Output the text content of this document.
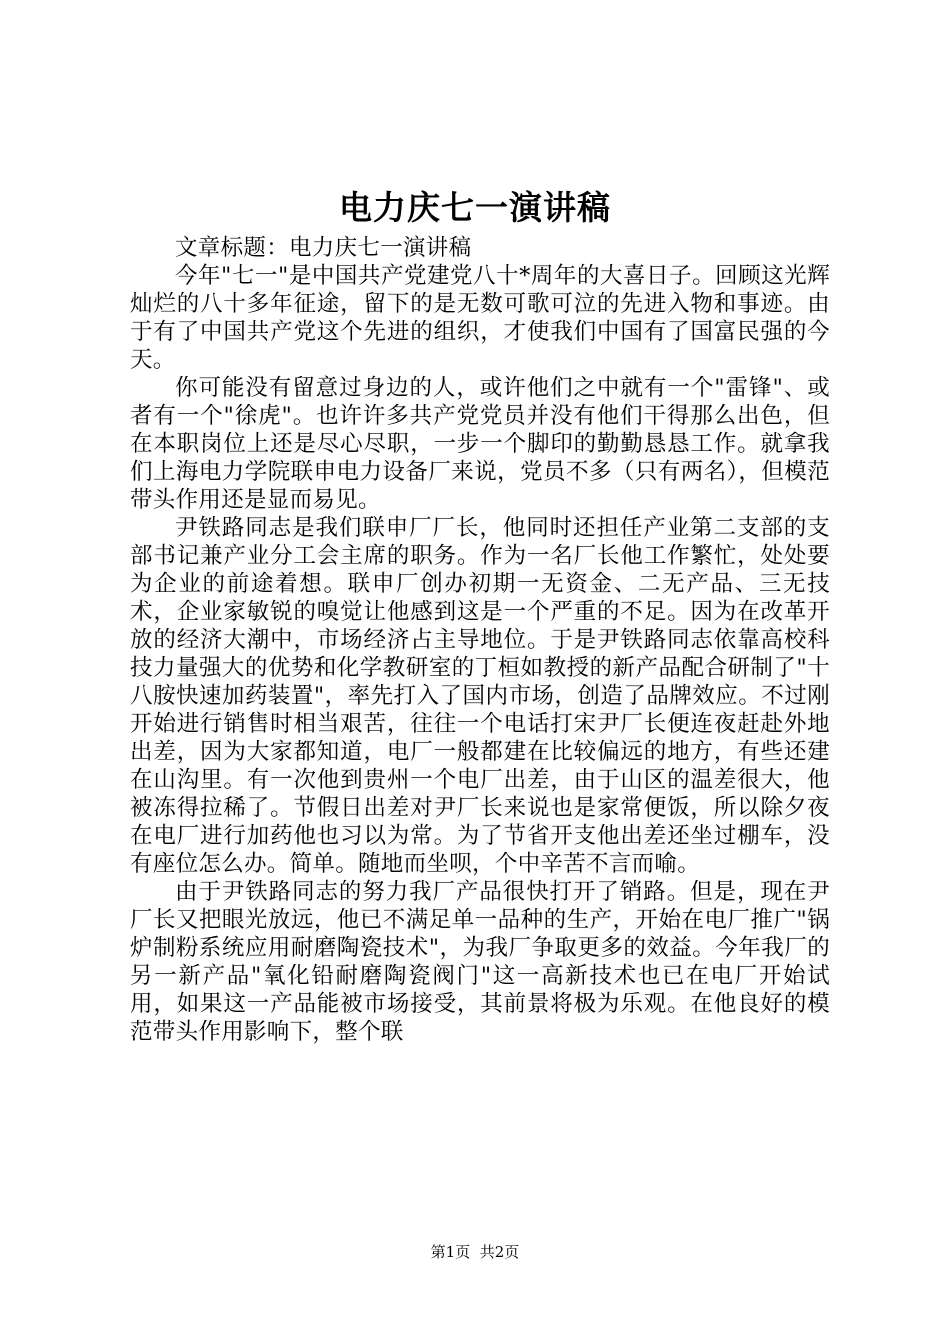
电力庆七一演讲稿

文章标题：电力庆七一演讲稿

今年"七一"是中国共产党建党八十*周年的大喜日子。回顾这光辉灿烂的八十多年征途，留下的是无数可歌可泣的先进入物和事迹。由于有了中国共产党这个先进的组织，才使我们中国有了国富民强的今天。

你可能没有留意过身边的人，或许他们之中就有一个"雷锋"、或者有一个"徐虎"。也许许多共产党党员并没有他们干得那么出色，但在本职岗位上还是尽心尽职，一步一个脚印的勤勤恳恳工作。就拿我们上海电力学院联申电力设备厂来说，党员不多（只有两名），但模范带头作用还是显而易见。

尹铁路同志是我们联申厂厂长，他同时还担任产业第二支部的支部书记兼产业分工会主席的职务。作为一名厂长他工作繁忙，处处要为企业的前途着想。联申厂创办初期一无资金、二无产品、三无技术，企业家敏锐的嗅觉让他感到这是一个严重的不足。因为在改革开放的经济大潮中，市场经济占主导地位。于是尹铁路同志依靠高校科技力量强大的优势和化学教研室的丁桓如教授的新产品配合研制了"十八胺快速加药装置"，率先打入了国内市场，创造了品牌效应。不过刚开始进行销售时相当艰苦，往往一个电话打宋尹厂长便连夜赶赴外地出差，因为大家都知道，电厂一般都建在比较偏远的地方，有些还建在山沟里。有一次他到贵州一个电厂出差，由于山区的温差很大，他被冻得拉稀了。节假日出差对尹厂长来说也是家常便饭，所以除夕夜在电厂进行加药他也习以为常。为了节省开支他出差还坐过棚车，没有座位怎么办。简单。随地而坐呗，个中辛苦不言而喻。

由于尹铁路同志的努力我厂产品很快打开了销路。但是，现在尹厂长又把眼光放远，他已不满足单一品种的生产，开始在电厂推广"锅炉制粉系统应用耐磨陶瓷技术"，为我厂争取更多的效益。今年我厂的另一新产品"氧化铅耐磨陶瓷阀门"这一高新技术也已在电厂开始试用，如果这一产品能被市场接受，其前景将极为乐观。在他良好的模范带头作用影响下，整个联

第1页 共2页
